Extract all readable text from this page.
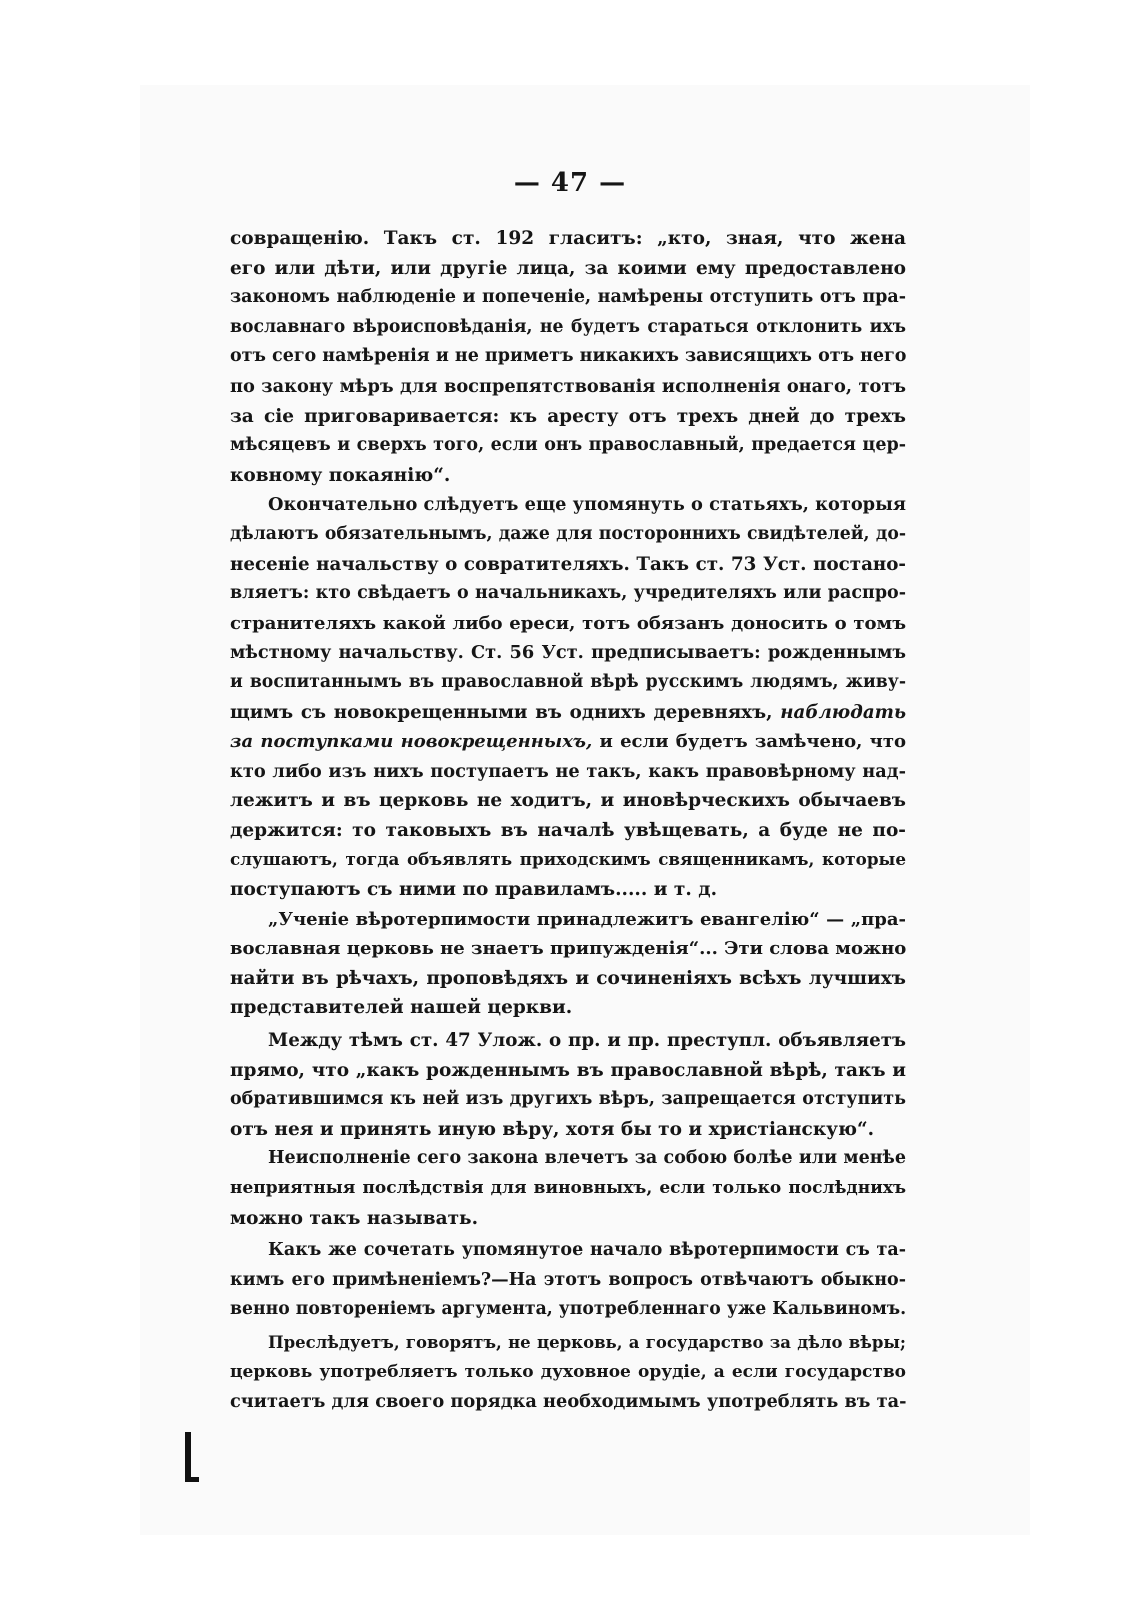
— 47 —
совращенію. Такъ ст. 192 гласитъ: „кто, зная, что жена
его или дѣти, или другіе лица, за коими ему предоставлено
закономъ наблюденіе и попеченіе, намѣрены отступить отъ пра-
вославнаго вѣроисповѣданія, не будетъ стараться отклонить ихъ
отъ сего намѣренія и не приметъ никакихъ зависящихъ отъ него
по закону мѣръ для воспрепятствованія исполненія онаго, тотъ
за сіе приговаривается: къ аресту отъ трехъ дней до трехъ
мѣсяцевъ и сверхъ того, если онъ православный, предается цер-
ковному покаянію“.
Окончательно слѣдуетъ еще упомянуть о статьяхъ, которыя
дѣлаютъ обязательнымъ, даже для постороннихъ свидѣтелей, до-
несеніе начальству о совратителяхъ. Такъ ст. 73 Уст. постано-
вляетъ: кто свѣдаетъ о начальникахъ, учредителяхъ или распро-
странителяхъ какой либо ереси, тотъ обязанъ доносить о томъ
мѣстному начальству. Ст. 56 Уст. предписываетъ: рожденнымъ
и воспитаннымъ въ православной вѣрѣ русскимъ людямъ, живу-
щимъ съ новокрещенными въ однихъ деревняхъ, наблюдать
за поступками новокрещенныхъ, и если будетъ замѣчено, что
кто либо изъ нихъ поступаетъ не такъ, какъ правовѣрному над-
лежитъ и въ церковь не ходитъ, и иновѣрческихъ обычаевъ
держится: то таковыхъ въ началѣ увѣщевать, а буде не по-
слушаютъ, тогда объявлять приходскимъ священникамъ, которые
поступаютъ съ ними по правиламъ..... и т. д.
„Ученіе вѣротерпимости принадлежитъ евангелію“ — „пра-
вославная церковь не знаетъ припужденія“... Эти слова можно
найти въ рѣчахъ, проповѣдяхъ и сочиненіяхъ всѣхъ лучшихъ
представителей нашей церкви.
Между тѣмъ ст. 47 Улож. о пр. и пр. преступл. объявляетъ
прямо, что „какъ рожденнымъ въ православной вѣрѣ, такъ и
обратившимся къ ней изъ другихъ вѣръ, запрещается отступить
отъ нея и принять иную вѣру, хотя бы то и христіанскую“.
Неисполненіе сего закона влечетъ за собою болѣе или менѣе
неприятныя послѣдствія для виновныхъ, если только послѣднихъ
можно такъ называть.
Какъ же сочетать упомянутое начало вѣротерпимости съ та-
кимъ его примѣненіемъ?—На этотъ вопросъ отвѣчаютъ обыкно-
венно повтореніемъ аргумента, употребленнаго уже Кальвиномъ.
Преслѣдуетъ, говорятъ, не церковь, а государство за дѣло вѣры;
церковь употребляетъ только духовное орудіе, а если государство
считаетъ для своего порядка необходимымъ употреблять въ та-
